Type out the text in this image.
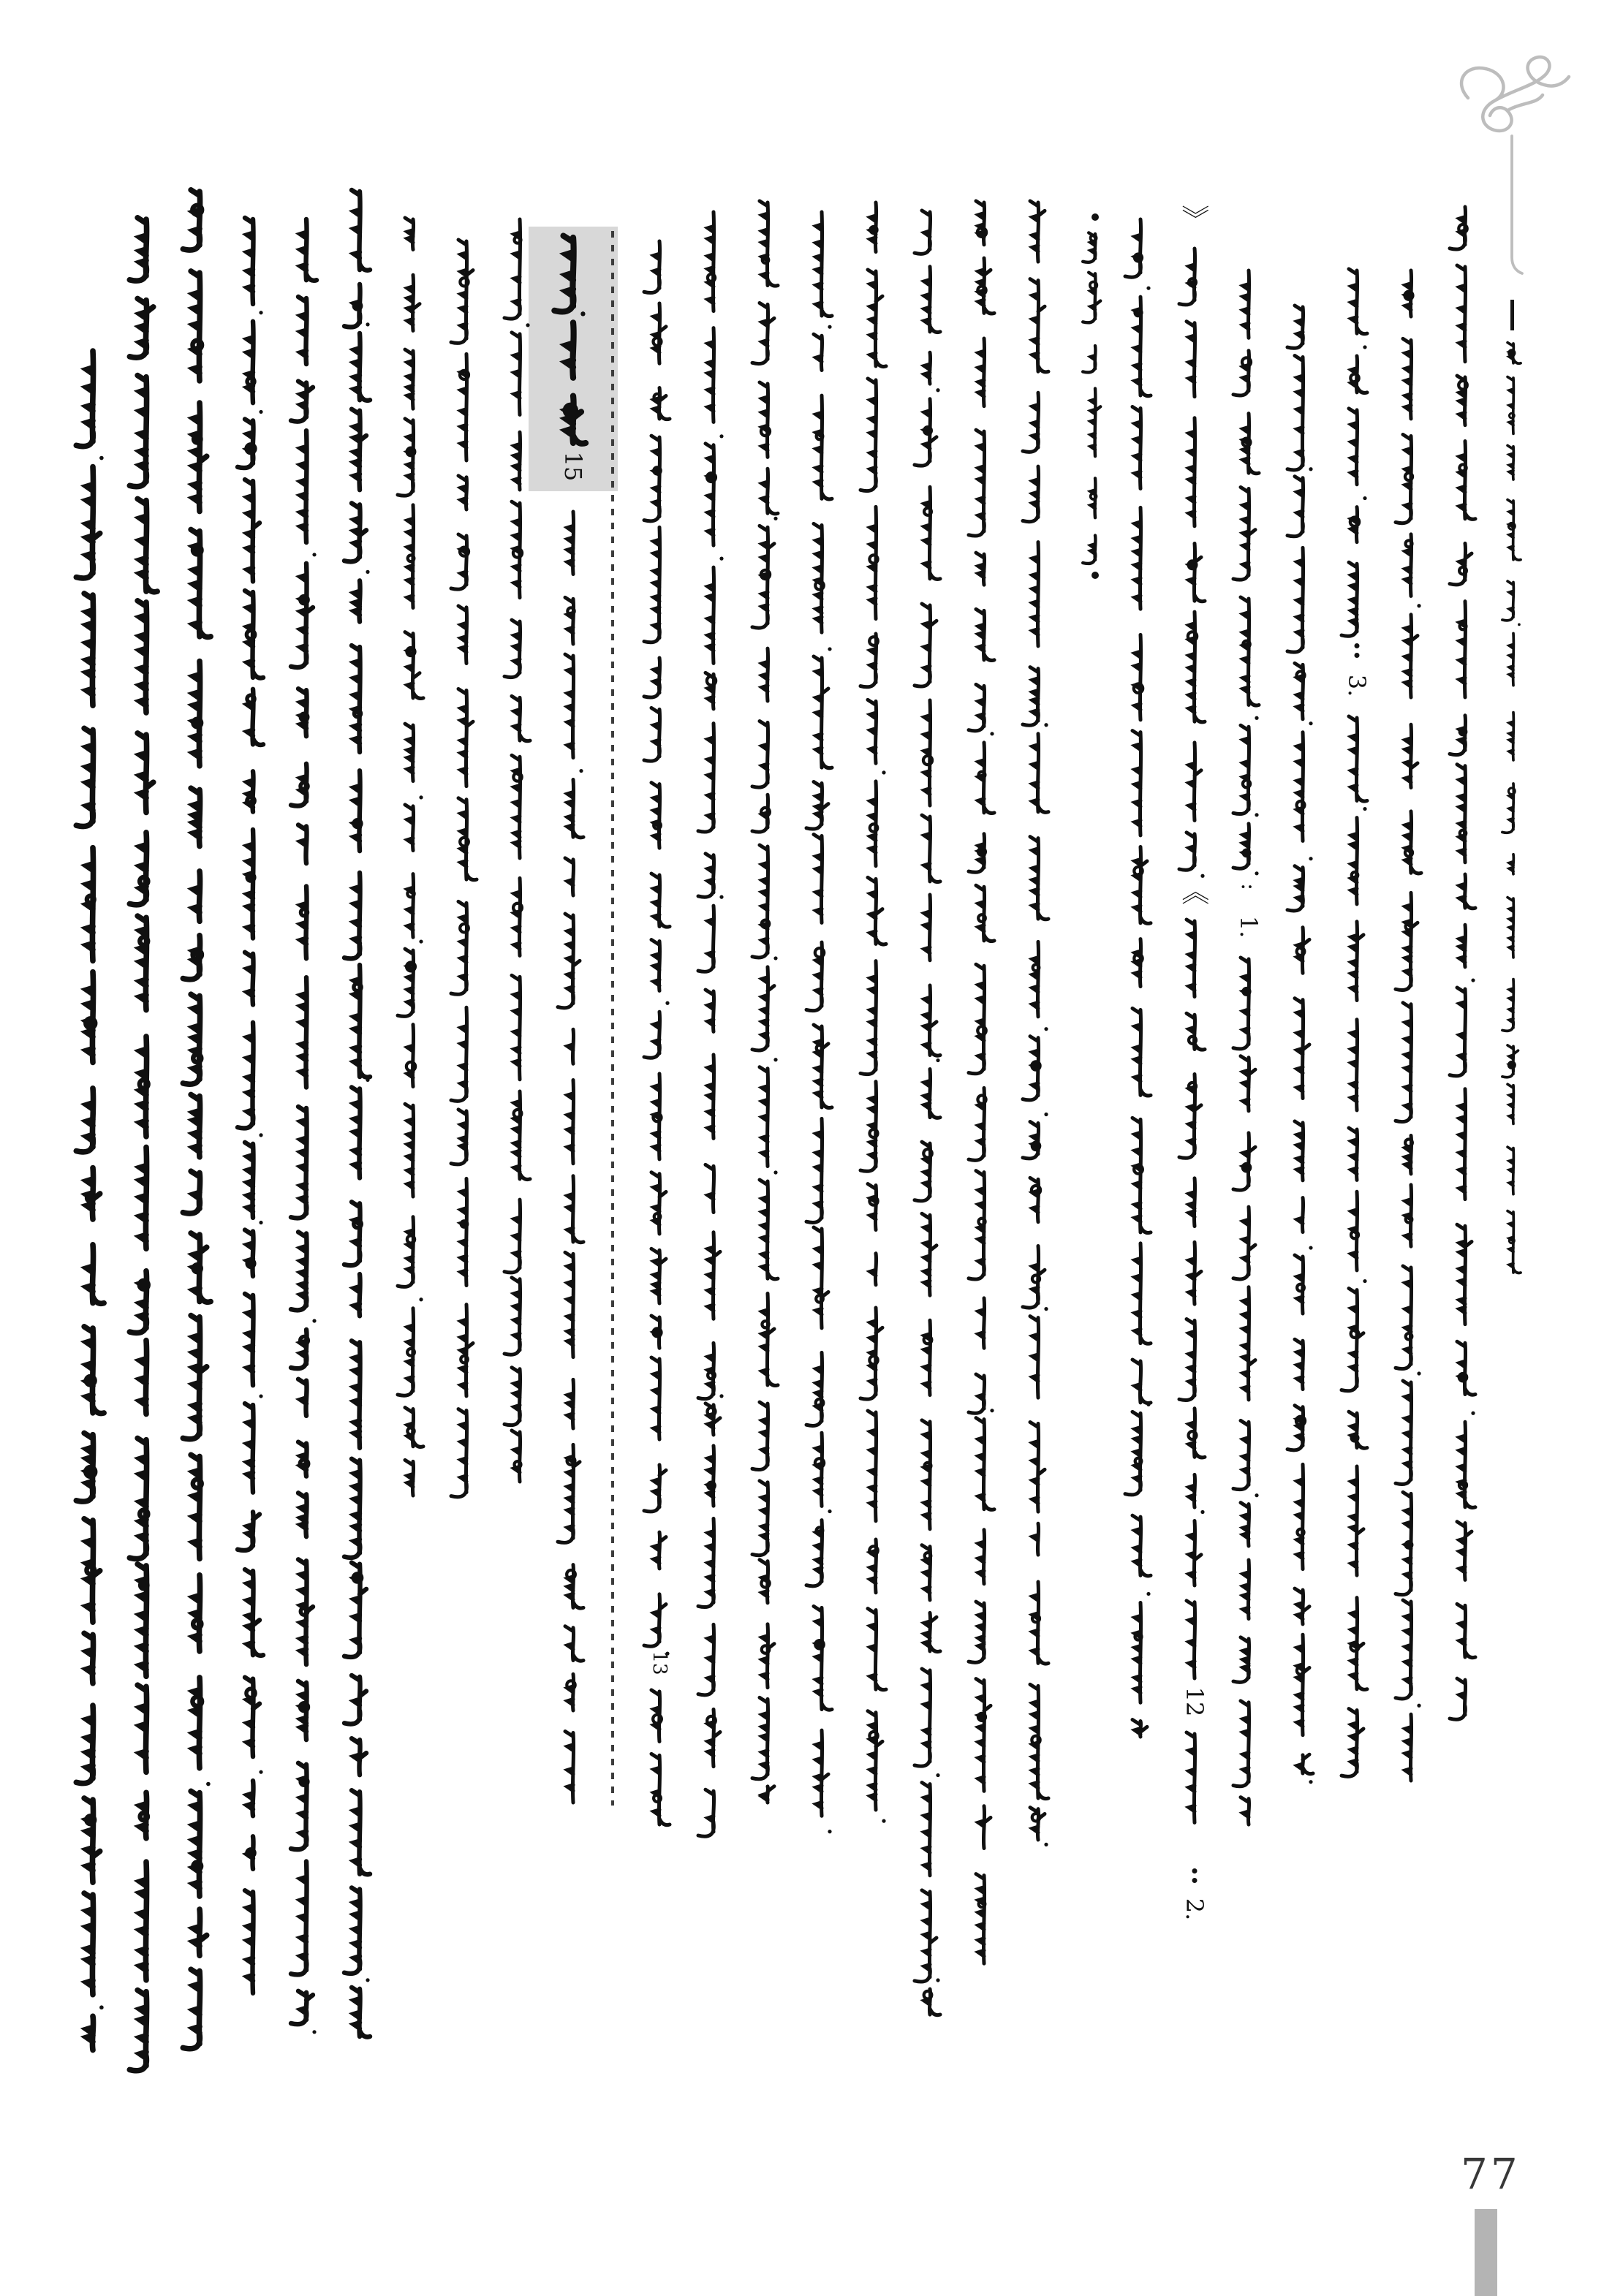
3.
:
1.
》
《
12
2.
13
15
77
